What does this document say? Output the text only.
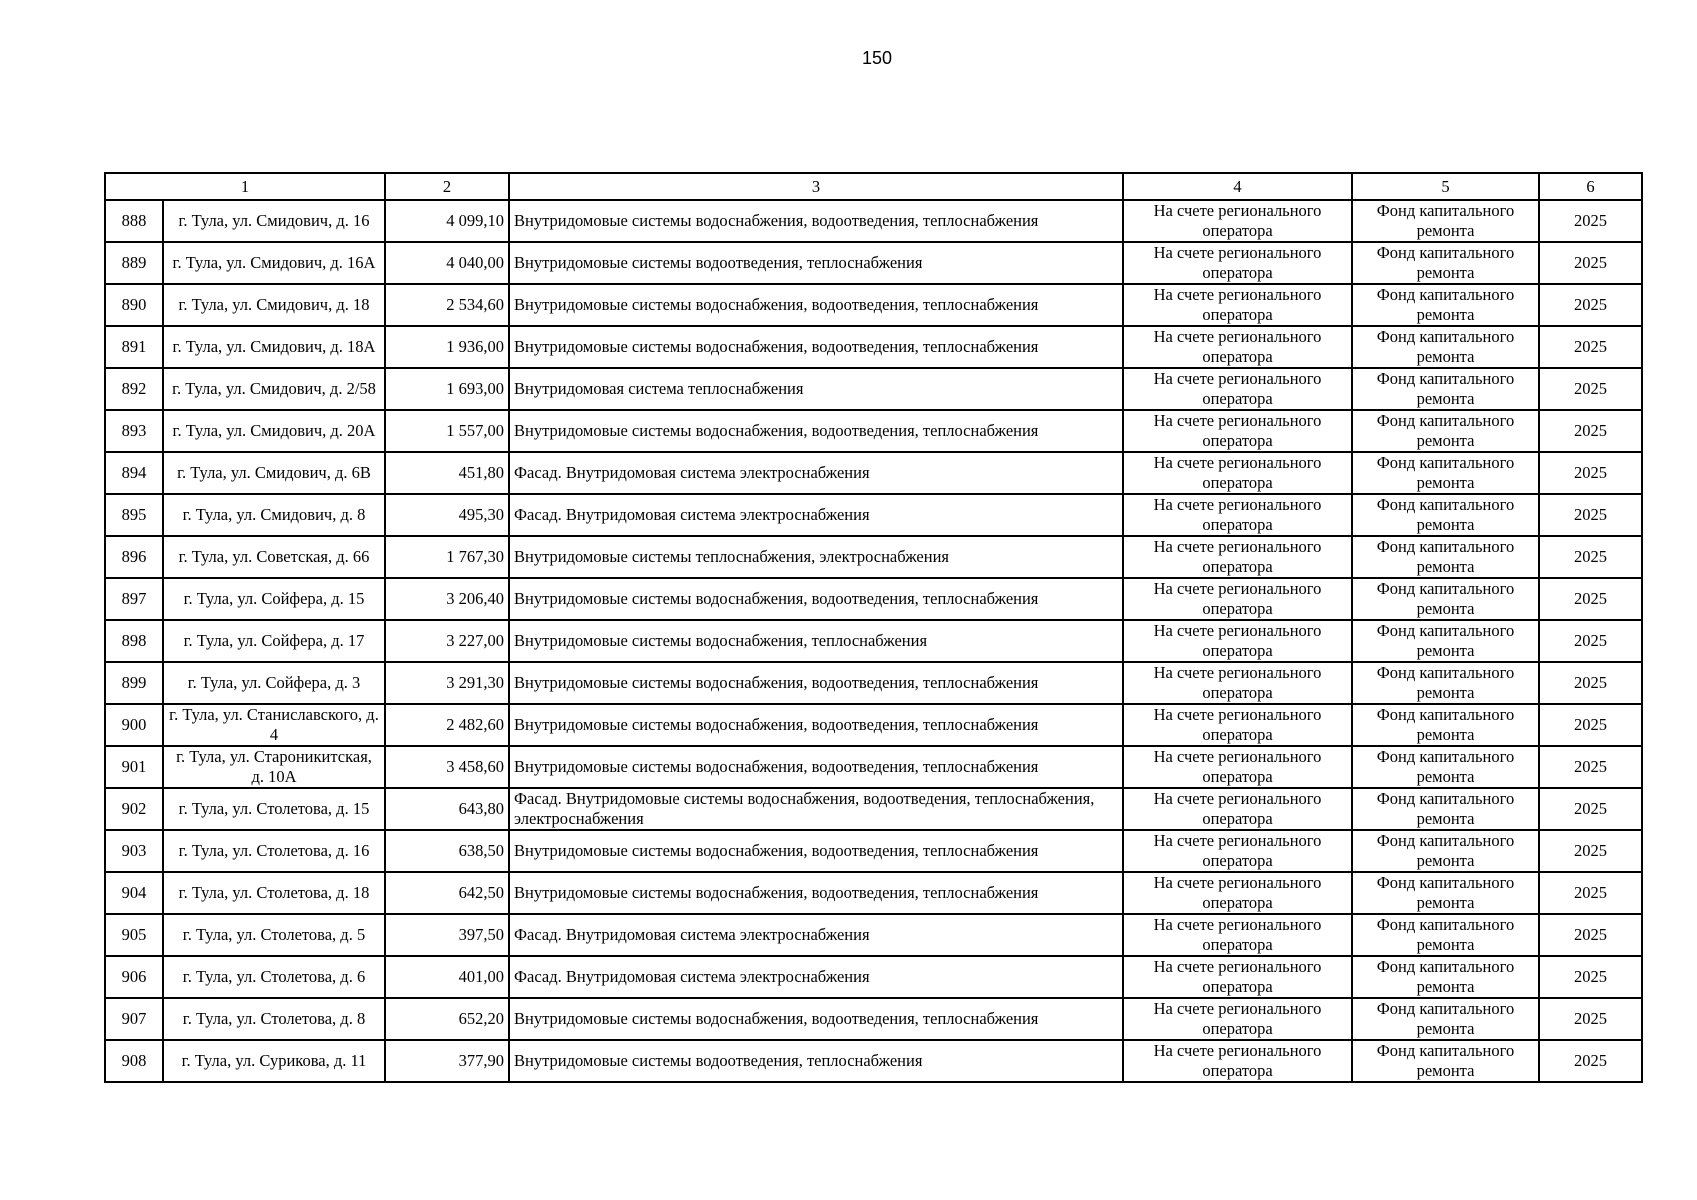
150
1		2	3	4	5	6
888	г. Тула, ул. Смидович, д. 16	4 099,10	Внутридомовые системы водоснабжения, водоотведения, теплоснабжения	На счете регионального оператора	Фонд капитального ремонта	2025
889	г. Тула, ул. Смидович, д. 16А	4 040,00	Внутридомовые системы водоотведения, теплоснабжения	На счете регионального оператора	Фонд капитального ремонта	2025
890	г. Тула, ул. Смидович, д. 18	2 534,60	Внутридомовые системы водоснабжения, водоотведения, теплоснабжения	На счете регионального оператора	Фонд капитального ремонта	2025
891	г. Тула, ул. Смидович, д. 18А	1 936,00	Внутридомовые системы водоснабжения, водоотведения, теплоснабжения	На счете регионального оператора	Фонд капитального ремонта	2025
892	г. Тула, ул. Смидович, д. 2/58	1 693,00	Внутридомовая система теплоснабжения	На счете регионального оператора	Фонд капитального ремонта	2025
893	г. Тула, ул. Смидович, д. 20А	1 557,00	Внутридомовые системы водоснабжения, водоотведения, теплоснабжения	На счете регионального оператора	Фонд капитального ремонта	2025
894	г. Тула, ул. Смидович, д. 6В	451,80	Фасад. Внутридомовая система электроснабжения	На счете регионального оператора	Фонд капитального ремонта	2025
895	г. Тула, ул. Смидович, д. 8	495,30	Фасад. Внутридомовая система электроснабжения	На счете регионального оператора	Фонд капитального ремонта	2025
896	г. Тула, ул. Советская, д. 66	1 767,30	Внутридомовые системы теплоснабжения, электроснабжения	На счете регионального оператора	Фонд капитального ремонта	2025
897	г. Тула, ул. Сойфера, д. 15	3 206,40	Внутридомовые системы водоснабжения, водоотведения, теплоснабжения	На счете регионального оператора	Фонд капитального ремонта	2025
898	г. Тула, ул. Сойфера, д. 17	3 227,00	Внутридомовые системы водоснабжения, теплоснабжения	На счете регионального оператора	Фонд капитального ремонта	2025
899	г. Тула, ул. Сойфера, д. 3	3 291,30	Внутридомовые системы водоснабжения, водоотведения, теплоснабжения	На счете регионального оператора	Фонд капитального ремонта	2025
900	г. Тула, ул. Станиславского, д. 4	2 482,60	Внутридомовые системы водоснабжения, водоотведения, теплоснабжения	На счете регионального оператора	Фонд капитального ремонта	2025
901	г. Тула, ул. Староникитская, д. 10А	3 458,60	Внутридомовые системы водоснабжения, водоотведения, теплоснабжения	На счете регионального оператора	Фонд капитального ремонта	2025
902	г. Тула, ул. Столетова, д. 15	643,80	Фасад. Внутридомовые системы водоснабжения, водоотведения, теплоснабжения, электроснабжения	На счете регионального оператора	Фонд капитального ремонта	2025
903	г. Тула, ул. Столетова, д. 16	638,50	Внутридомовые системы водоснабжения, водоотведения, теплоснабжения	На счете регионального оператора	Фонд капитального ремонта	2025
904	г. Тула, ул. Столетова, д. 18	642,50	Внутридомовые системы водоснабжения, водоотведения, теплоснабжения	На счете регионального оператора	Фонд капитального ремонта	2025
905	г. Тула, ул. Столетова, д. 5	397,50	Фасад. Внутридомовая система электроснабжения	На счете регионального оператора	Фонд капитального ремонта	2025
906	г. Тула, ул. Столетова, д. 6	401,00	Фасад. Внутридомовая система электроснабжения	На счете регионального оператора	Фонд капитального ремонта	2025
907	г. Тула, ул. Столетова, д. 8	652,20	Внутридомовые системы водоснабжения, водоотведения, теплоснабжения	На счете регионального оператора	Фонд капитального ремонта	2025
908	г. Тула, ул. Сурикова, д. 11	377,90	Внутридомовые системы водоотведения, теплоснабжения	На счете регионального оператора	Фонд капитального ремонта	2025
